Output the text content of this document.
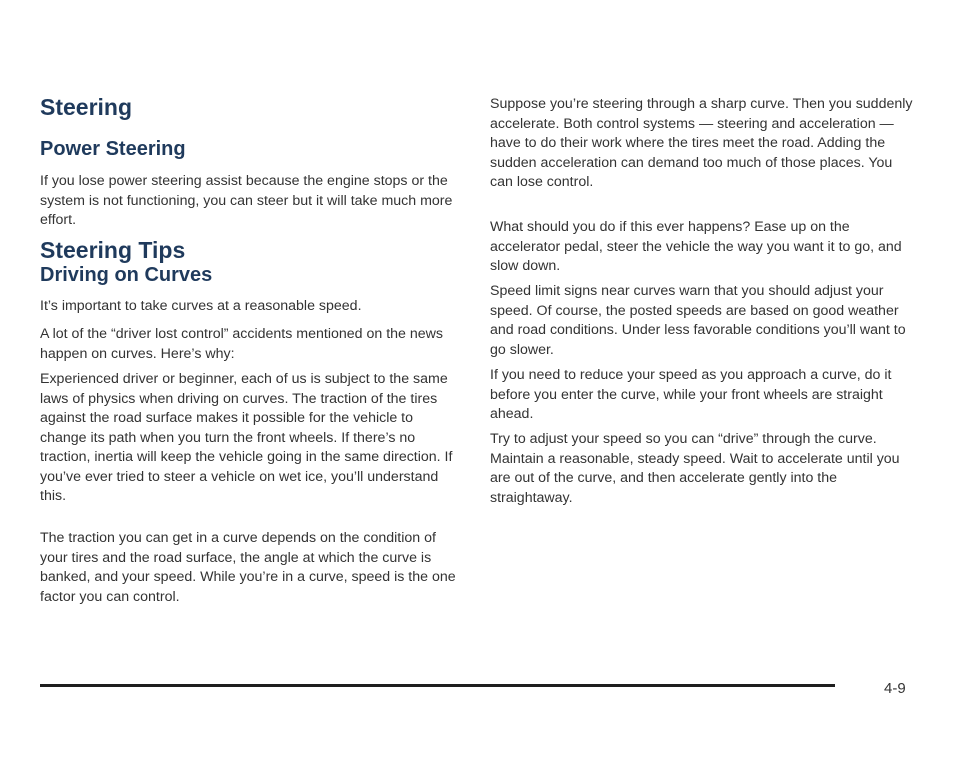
Steering
Power Steering

If you lose power steering assist because the engine stops or the system is not functioning, you can steer but it will take much more effort.

Steering Tips
Driving on Curves

It’s important to take curves at a reasonable speed.

A lot of the “driver lost control” accidents mentioned on the news happen on curves. Here’s why:

Experienced driver or beginner, each of us is subject to the same laws of physics when driving on curves. The traction of the tires against the road surface makes it possible for the vehicle to change its path when you turn the front wheels. If there’s no traction, inertia will keep the vehicle going in the same direction. If you’ve ever tried to steer a vehicle on wet ice, you’ll understand this.

The traction you can get in a curve depends on the condition of your tires and the road surface, the angle at which the curve is banked, and your speed. While you’re in a curve, speed is the one factor you can control.

Suppose you’re steering through a sharp curve. Then you suddenly accelerate. Both control systems — steering and acceleration — have to do their work where the tires meet the road. Adding the sudden acceleration can demand too much of those places. You can lose control.

What should you do if this ever happens? Ease up on the accelerator pedal, steer the vehicle the way you want it to go, and slow down.

Speed limit signs near curves warn that you should adjust your speed. Of course, the posted speeds are based on good weather and road conditions. Under less favorable conditions you’ll want to go slower.

If you need to reduce your speed as you approach a curve, do it before you enter the curve, while your front wheels are straight ahead.

Try to adjust your speed so you can “drive” through the curve. Maintain a reasonable, steady speed. Wait to accelerate until you are out of the curve, and then accelerate gently into the straightaway.

4-9
